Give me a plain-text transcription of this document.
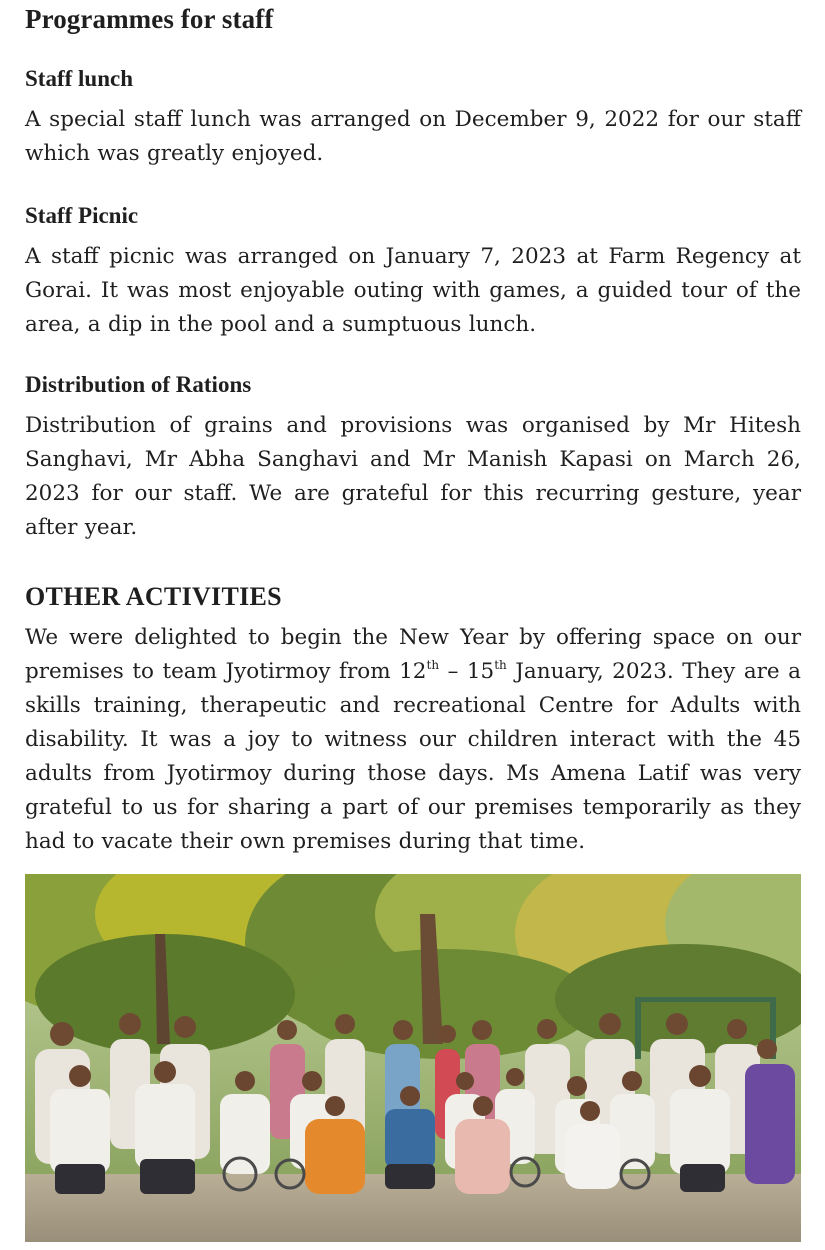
Programmes for staff
Staff lunch

A special staff lunch was arranged on December 9, 2022 for our staff which was greatly enjoyed.

Staff Picnic

A staff picnic was arranged on January 7, 2023 at Farm Regency at Gorai. It was most enjoyable outing with games, a guided tour of the area, a dip in the pool and a sumptuous lunch.

Distribution of Rations

Distribution of grains and provisions was organised by Mr Hitesh Sanghavi, Mr Abha Sanghavi and Mr Manish Kapasi on March 26, 2023 for our staff. We are grateful for this recurring gesture, year after year.

OTHER ACTIVITIES

We were delighted to begin the New Year by offering space on our premises to team Jyotirmoy from 12th – 15th January, 2023. They are a skills training, therapeutic and recreational Centre for Adults with disability. It was a joy to witness our children interact with the 45 adults from Jyotirmoy during those days. Ms Amena Latif was very grateful to us for sharing a part of our premises temporarily as they had to vacate their own premises during that time.
